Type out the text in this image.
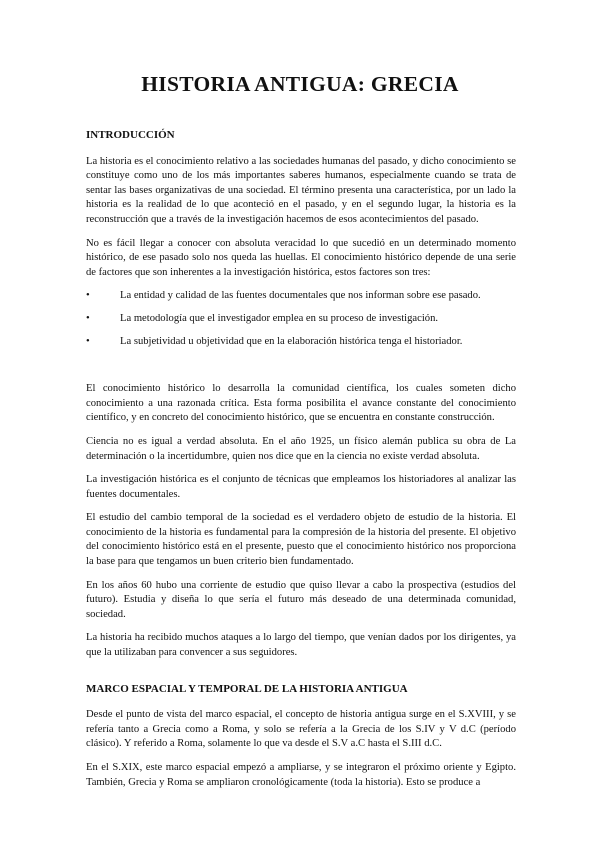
HISTORIA ANTIGUA: GRECIA
INTRODUCCIÓN

La historia es el conocimiento relativo a las sociedades humanas del pasado, y dicho conocimiento se constituye como uno de los más importantes saberes humanos, especialmente cuando se trata de sentar las bases organizativas de una sociedad. El término presenta una característica, por un lado la historia es la realidad de lo que aconteció en el pasado, y en el segundo lugar, la historia es la reconstrucción que a través de la investigación hacemos de esos acontecimientos del pasado.

No es fácil llegar a conocer con absoluta veracidad lo que sucedió en un determinado momento histórico, de ese pasado solo nos queda las huellas. El conocimiento histórico depende de una serie de factores que son inherentes a la investigación histórica, estos factores son tres:

•	La entidad y calidad de las fuentes documentales que nos informan sobre ese pasado.
•	La metodología que el investigador emplea en su proceso de investigación.
•	La subjetividad u objetividad que en la elaboración histórica tenga el historiador.

El conocimiento histórico lo desarrolla la comunidad científica, los cuales someten dicho conocimiento a una razonada crítica. Esta forma posibilita el avance constante del conocimiento científico, y en concreto del conocimiento histórico, que se encuentra en constante construcción.

Ciencia no es igual a verdad absoluta. En el año 1925, un físico alemán publica su obra de La determinación o la incertidumbre, quien nos dice que en la ciencia no existe verdad absoluta.

La investigación histórica es el conjunto de técnicas que empleamos los historiadores al analizar las fuentes documentales.

El estudio del cambio temporal de la sociedad es el verdadero objeto de estudio de la historia. El conocimiento de la historia es fundamental para la compresión de la historia del presente. El objetivo del conocimiento histórico está en el presente, puesto que el conocimiento histórico nos proporciona la base para que tengamos un buen criterio bien fundamentado.

En los años 60 hubo una corriente de estudio que quiso llevar a cabo la prospectiva (estudios del futuro). Estudia y diseña lo que sería el futuro más deseado de una determinada comunidad, sociedad.

La historia ha recibido muchos ataques a lo largo del tiempo, que venían dados por los dirigentes, ya que la utilizaban para convencer a sus seguidores.

MARCO ESPACIAL Y TEMPORAL DE LA HISTORIA ANTIGUA

Desde el punto de vista del marco espacial, el concepto de historia antigua surge en el S.XVIII, y se refería tanto a Grecia como a Roma, y solo se refería a la Grecia de los S.IV y V d.C (período clásico). Y referido a Roma, solamente lo que va desde el S.V a.C hasta el S.III d.C.

En el S.XIX, este marco espacial empezó a ampliarse, y se integraron el próximo oriente y Egipto. También, Grecia y Roma se ampliaron cronológicamente (toda la historia). Esto se produce a
